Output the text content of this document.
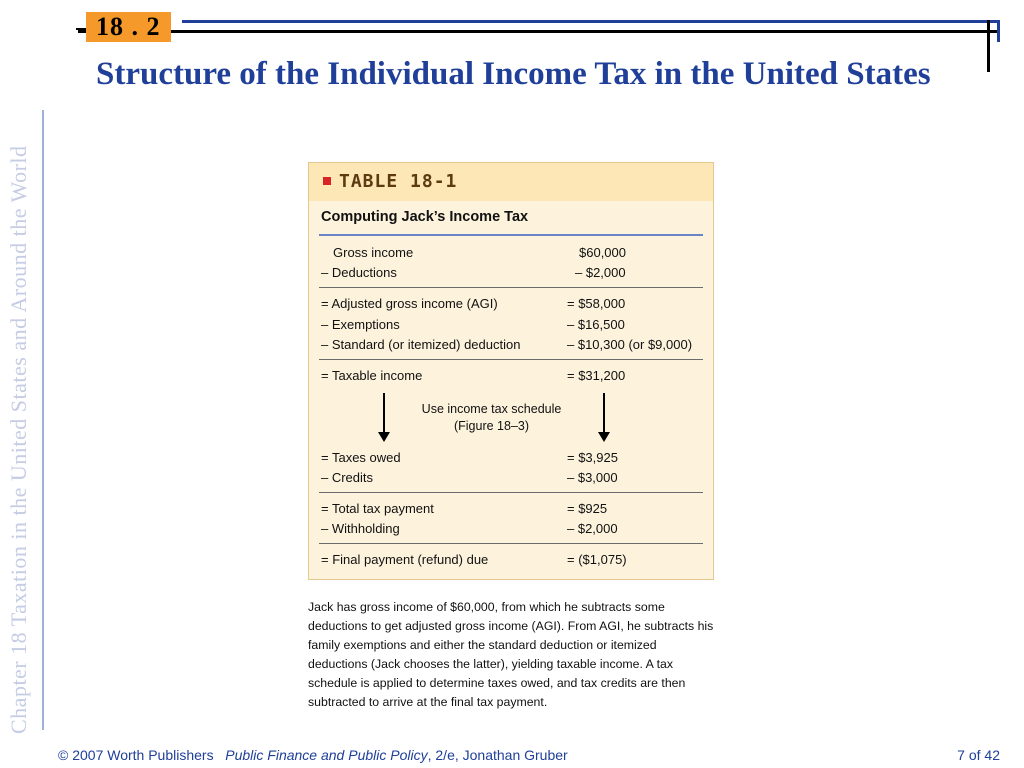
18 . 2
Structure of the Individual Income Tax in the United States
Chapter 18 Taxation in the United States and Around the World	TABLE 18-1
Computing Jack’s Income Tax
Gross income	$60,000
– Deductions	– $2,000
= Adjusted gross income (AGI)	= $58,000
– Exemptions	– $16,500
– Standard (or itemized) deduction	– $10,300 (or $9,000)
= Taxable income	= $31,200
Use income tax schedule
(Figure 18–3)
= Taxes owed	= $3,925
– Credits	– $3,000
= Total tax payment	= $925
– Withholding	– $2,000
= Final payment (refund) due	= ($1,075)

Jack has gross income of $60,000, from which he subtracts some deductions to get adjusted gross income (AGI). From AGI, he subtracts his family exemptions and either the standard deduction or itemized deductions (Jack chooses the latter), yielding taxable income. A tax schedule is applied to determine taxes owed, and tax credits are then subtracted to arrive at the final tax payment.

© 2007 Worth Publishers Public Finance and Public Policy, 2/e, Jonathan Gruber	7 of 42
